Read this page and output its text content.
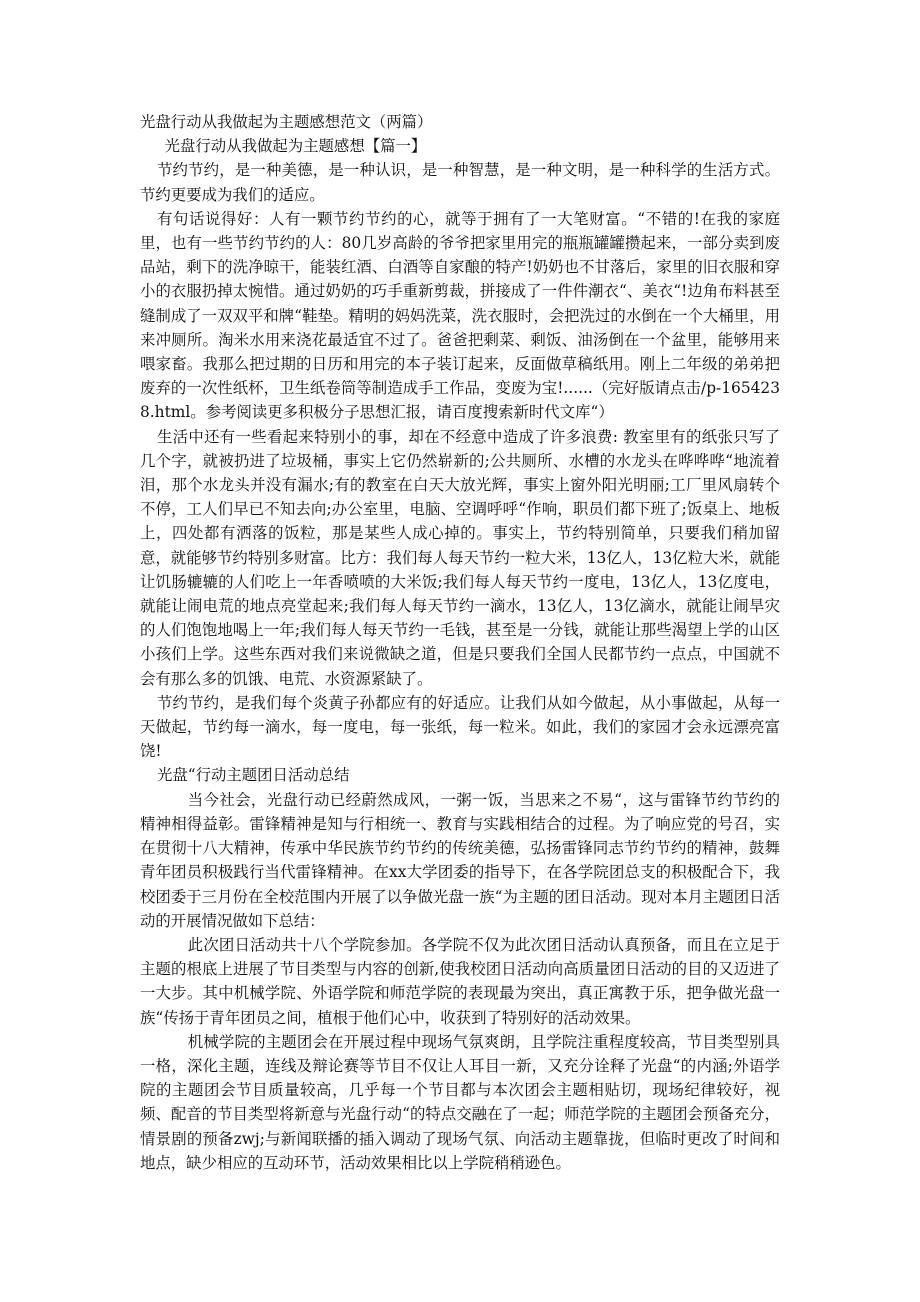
光盘行动从我做起为主题感想范文（两篇）

光盘行动从我做起为主题感想【篇一】

节约节约，是一种美德，是一种认识，是一种智慧，是一种文明，是一种科学的生活方式。节约更要成为我们的适应。

有句话说得好：人有一颗节约节约的心，就等于拥有了一大笔财富。“不错的!在我的家庭里，也有一些节约节约的人：80几岁高龄的爷爷把家里用完的瓶瓶罐罐攒起来，一部分卖到废品站，剩下的洗净晾干，能装红酒、白酒等自家酿的特产!奶奶也不甘落后，家里的旧衣服和穿小的衣服扔掉太惋惜。通过奶奶的巧手重新剪裁，拼接成了一件件潮衣“、美衣“!边角布料甚至缝制成了一双双平和牌“鞋垫。精明的妈妈洗菜，洗衣服时，会把洗过的水倒在一个大桶里，用来冲厕所。淘米水用来浇花最适宜不过了。爸爸把剩菜、剩饭、油汤倒在一个盆里，能够用来喂家畜。我那么把过期的日历和用完的本子装订起来，反面做草稿纸用。刚上二年级的弟弟把废弃的一次性纸杯，卫生纸卷筒等制造成手工作品，变废为宝!......（完好版请点击/p-1654238.html。参考阅读更多积极分子思想汇报，请百度搜索新时代文库“）

生活中还有一些看起来特别小的事，却在不经意中造成了许多浪费: 教室里有的纸张只写了几个字，就被扔进了垃圾桶，事实上它仍然崭新的;公共厕所、水槽的水龙头在哗哗哗“地流着泪，那个水龙头并没有漏水;有的教室在白天大放光辉，事实上窗外阳光明丽;工厂里风扇转个不停，工人们早已不知去向;办公室里，电脑、空调呼呼“作响，职员们都下班了;饭桌上、地板上，四处都有洒落的饭粒，那是某些人成心掉的。事实上，节约特别简单，只要我们稍加留意，就能够节约特别多财富。比方：我们每人每天节约一粒大米，13亿人，13亿粒大米，就能让饥肠辘辘的人们吃上一年香喷喷的大米饭;我们每人每天节约一度电，13亿人，13亿度电，就能让闹电荒的地点亮堂起来;我们每人每天节约一滴水，13亿人，13亿滴水，就能让闹旱灾的人们饱饱地喝上一年;我们每人每天节约一毛钱，甚至是一分钱，就能让那些渴望上学的山区小孩们上学。这些东西对我们来说微缺之道，但是只要我们全国人民都节约一点点，中国就不会有那么多的饥饿、电荒、水资源紧缺了。

节约节约，是我们每个炎黄子孙都应有的好适应。让我们从如今做起，从小事做起，从每一天做起，节约每一滴水，每一度电，每一张纸，每一粒米。如此，我们的家园才会永远漂亮富饶!

光盘“行动主题团日活动总结

当今社会，光盘行动已经蔚然成风，一粥一饭，当思来之不易“，这与雷锋节约节约的精神相得益彰。雷锋精神是知与行相统一、教育与实践相结合的过程。为了响应党的号召，实在贯彻十八大精神，传承中华民族节约节约的传统美德，弘扬雷锋同志节约节约的精神，鼓舞青年团员积极践行当代雷锋精神。在xx大学团委的指导下，在各学院团总支的积极配合下，我校团委于三月份在全校范围内开展了以争做光盘一族“为主题的团日活动。现对本月主题团日活动的开展情况做如下总结：

此次团日活动共十八个学院参加。各学院不仅为此次团日活动认真预备，而且在立足于主题的根底上进展了节目类型与内容的创新,使我校团日活动向高质量团日活动的目的又迈进了一大步。其中机械学院、外语学院和师范学院的表现最为突出，真正寓教于乐，把争做光盘一族“传扬于青年团员之间，植根于他们心中，收获到了特别好的活动效果。

机械学院的主题团会在开展过程中现场气氛爽朗，且学院注重程度较高，节目类型别具一格，深化主题，连线及辩论赛等节目不仅让人耳目一新，又充分诠释了光盘“的内涵;外语学院的主题团会节目质量较高，几乎每一个节目都与本次团会主题相贴切，现场纪律较好，视频、配音的节目类型将新意与光盘行动“的特点交融在了一起；师范学院的主题团会预备充分，情景剧的预备zwj;与新闻联播的插入调动了现场气氛、向活动主题靠拢，但临时更改了时间和地点，缺少相应的互动环节，活动效果相比以上学院稍稍逊色。
